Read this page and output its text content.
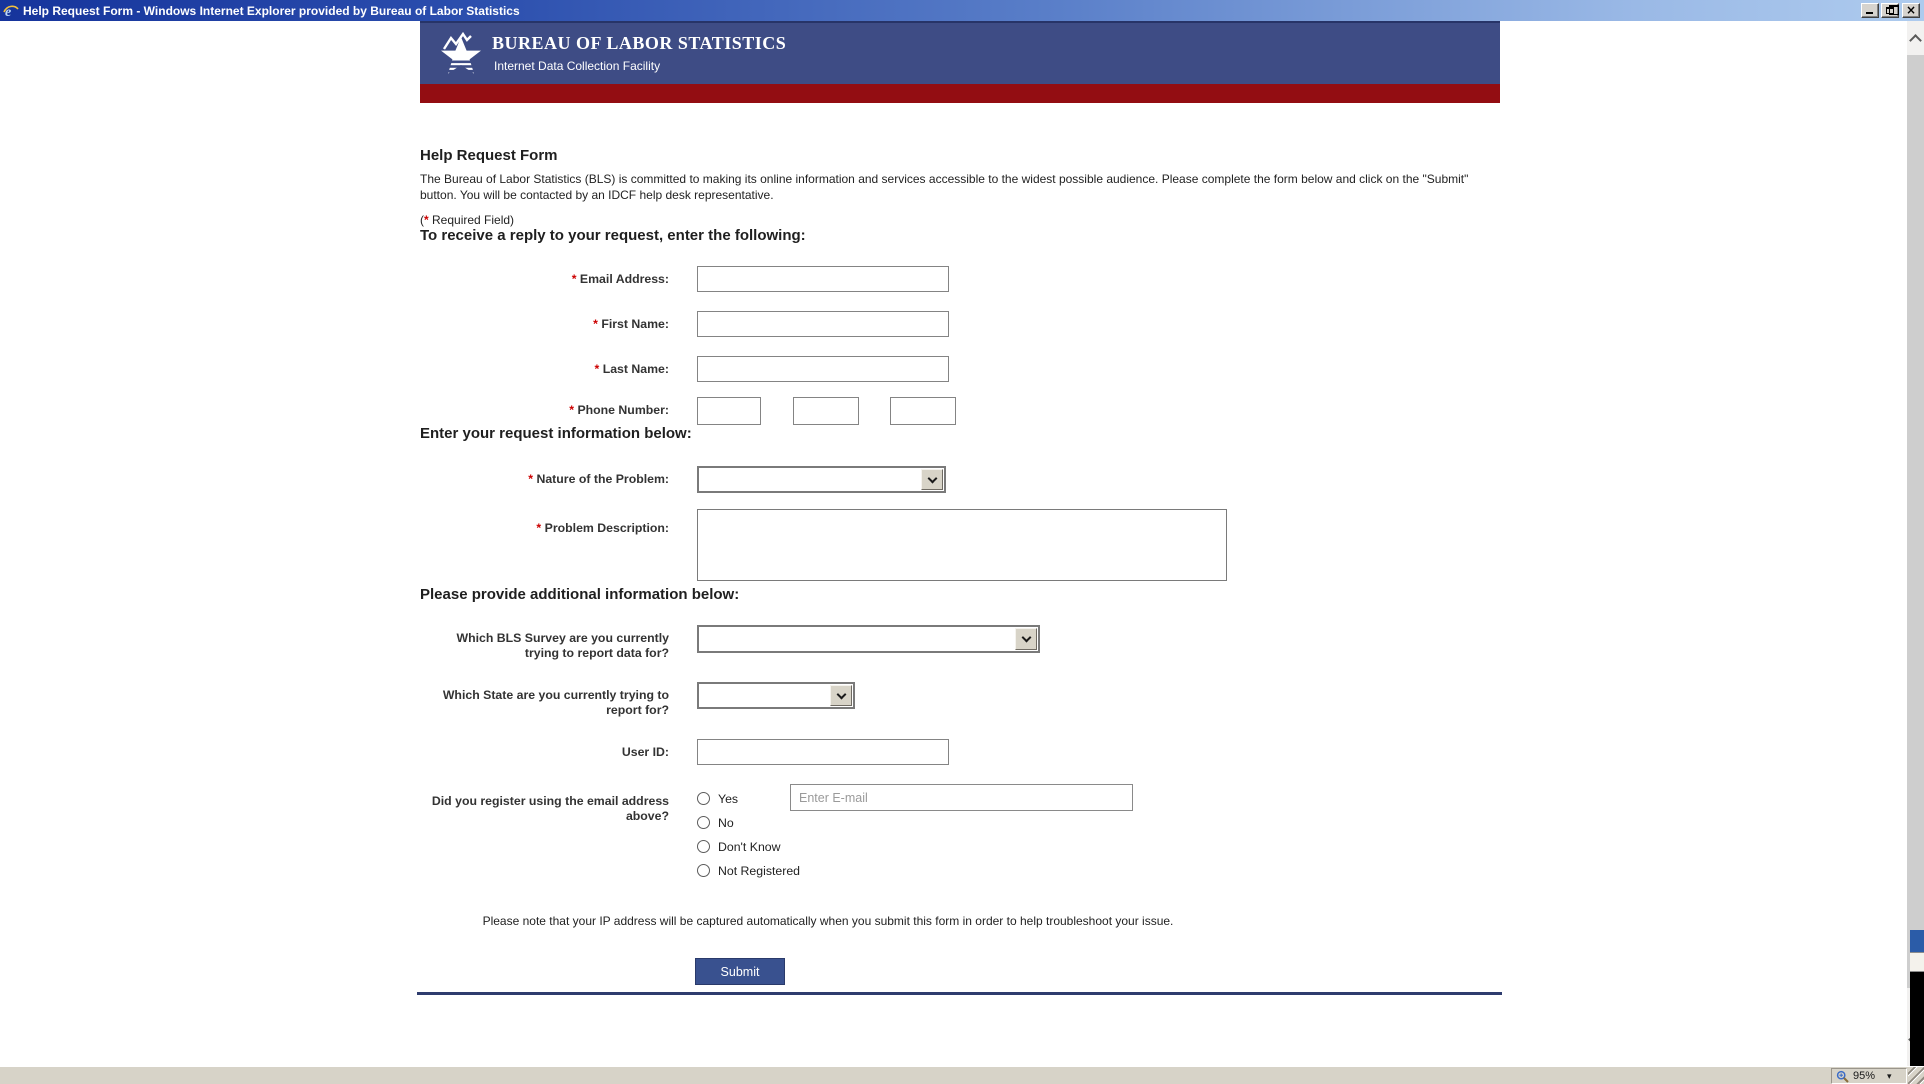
e Help Request Form - Windows Internet Explorer provided by Bureau of Labor Statistics	×
BUREAU OF LABOR STATISTICS
Internet Data Collection Facility
Help Request Form

The Bureau of Labor Statistics (BLS) is committed to making its online information and services accessible to the widest possible audience. Please complete the form below and click on the "Submit" button. You will be contacted by an IDCF help desk representative.

(* Required Field)
To receive a reply to your request, enter the following:
* Email Address:
* First Name:
* Last Name:
* Phone Number:

Enter your request information below:
* Nature of the Problem:
* Problem Description:
Please provide additional information below:
Which BLS Survey are you currently trying to report data for?
Which State are you currently trying to report for?
User ID:
Did you register using the email address above?
Yes
No
Don't Know
Not Registered
Enter E-mail
Please note that your IP address will be captured automatically when you submit this form in order to help troubleshoot your issue.
Submit
95% ▾
